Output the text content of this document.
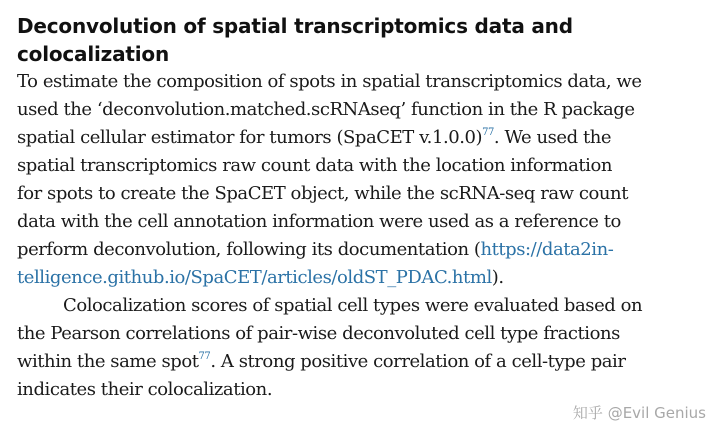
Deconvolution of spatial transcriptomics data and
colocalization
To estimate the composition of spots in spatial transcriptomics data, we
used the ‘deconvolution.matched.scRNAseq’ function in the R package
spatial cellular estimator for tumors (SpaCET v.1.0.0)$^{77}$. We used the
spatial transcriptomics raw count data with the location information
for spots to create the SpaCET object, while the scRNA-seq raw count
data with the cell annotation information were used as a reference to
perform deconvolution, following its documentation (https://data2in-
telligence.github.io/SpaCET/articles/oldST_PDAC.html).
Colocalization scores of spatial cell types were evaluated based on
the Pearson correlations of pair-wise deconvoluted cell type fractions
within the same spot$^{77}$. A strong positive correlation of a cell-type pair
indicates their colocalization.
知乎 @Evil Genius
